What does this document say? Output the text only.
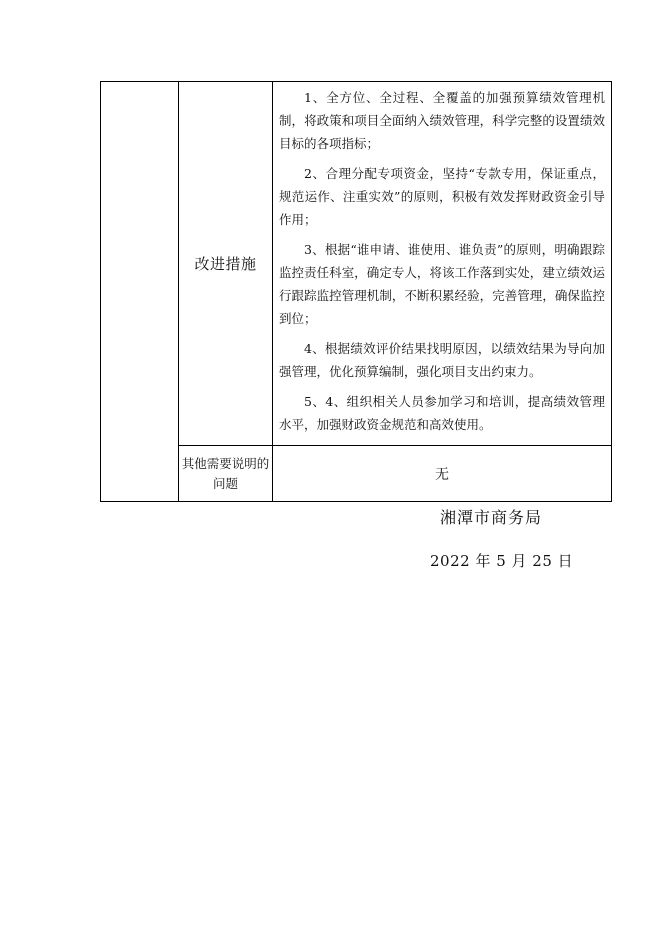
	改进措施	1、全方位、全过程、全覆盖的加强预算绩效管理机制，将政策和项目全面纳入绩效管理，科学完整的设置绩效目标的各项指标；

2、合理分配专项资金，坚持“专款专用，保证重点，规范运作、注重实效”的原则，积极有效发挥财政资金引导作用；

3、根据“谁申请、谁使用、谁负责”的原则，明确跟踪监控责任科室，确定专人，将该工作落到实处，建立绩效运行跟踪监控管理机制，不断积累经验，完善管理，确保监控到位；

4、根据绩效评价结果找明原因，以绩效结果为导向加强管理，优化预算编制，强化项目支出约束力。

5、4、组织相关人员参加学习和培训，提高绩效管理水平，加强财政资金规范和高效使用。

	其他需要说明的问题	无
湘潭市商务局
2022 年 5 月 25 日
